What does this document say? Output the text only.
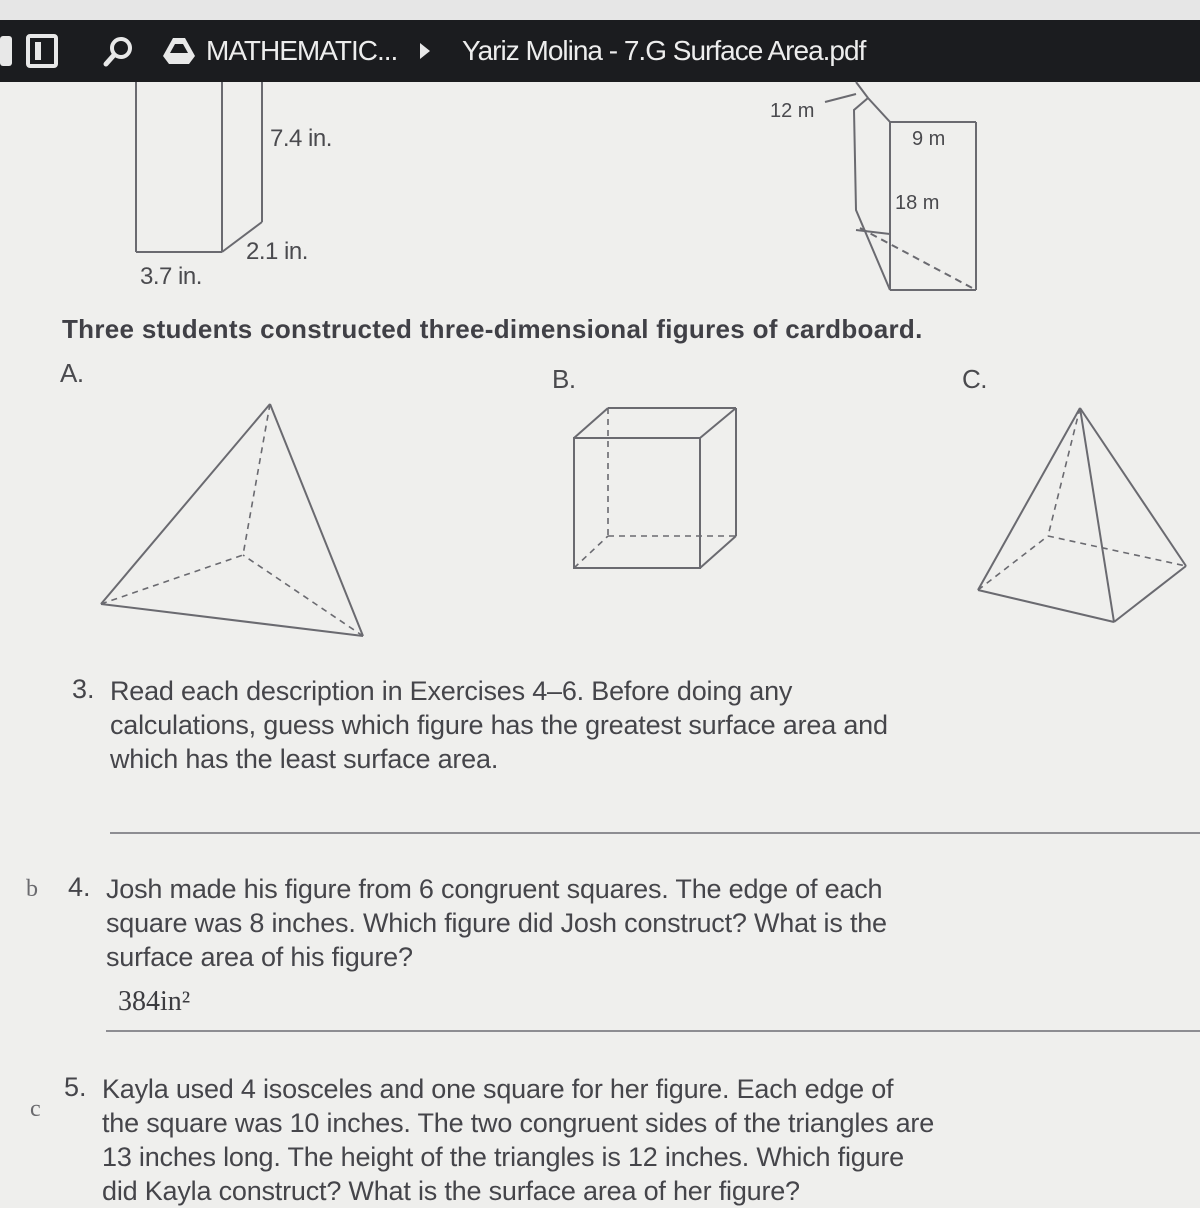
MATHEMATIC... Yariz Molina - 7.G Surface Area.pdf
7.4 in.
2.1 in.
3.7 in.
12 m
9 m
18 m
Three students constructed three-dimensional figures of cardboard.
A.	B.	C.
3. Read each description in Exercises 4–6. Before doing any
calculations, guess which figure has the greatest surface area and
which has the least surface area.
b 4. Josh made his figure from 6 congruent squares. The edge of each
square was 8 inches. Which figure did Josh construct? What is the
surface area of his figure?
384in²
c
5. Kayla used 4 isosceles and one square for her figure. Each edge of
the square was 10 inches. The two congruent sides of the triangles are
13 inches long. The height of the triangles is 12 inches. Which figure
did Kayla construct? What is the surface area of her figure?
